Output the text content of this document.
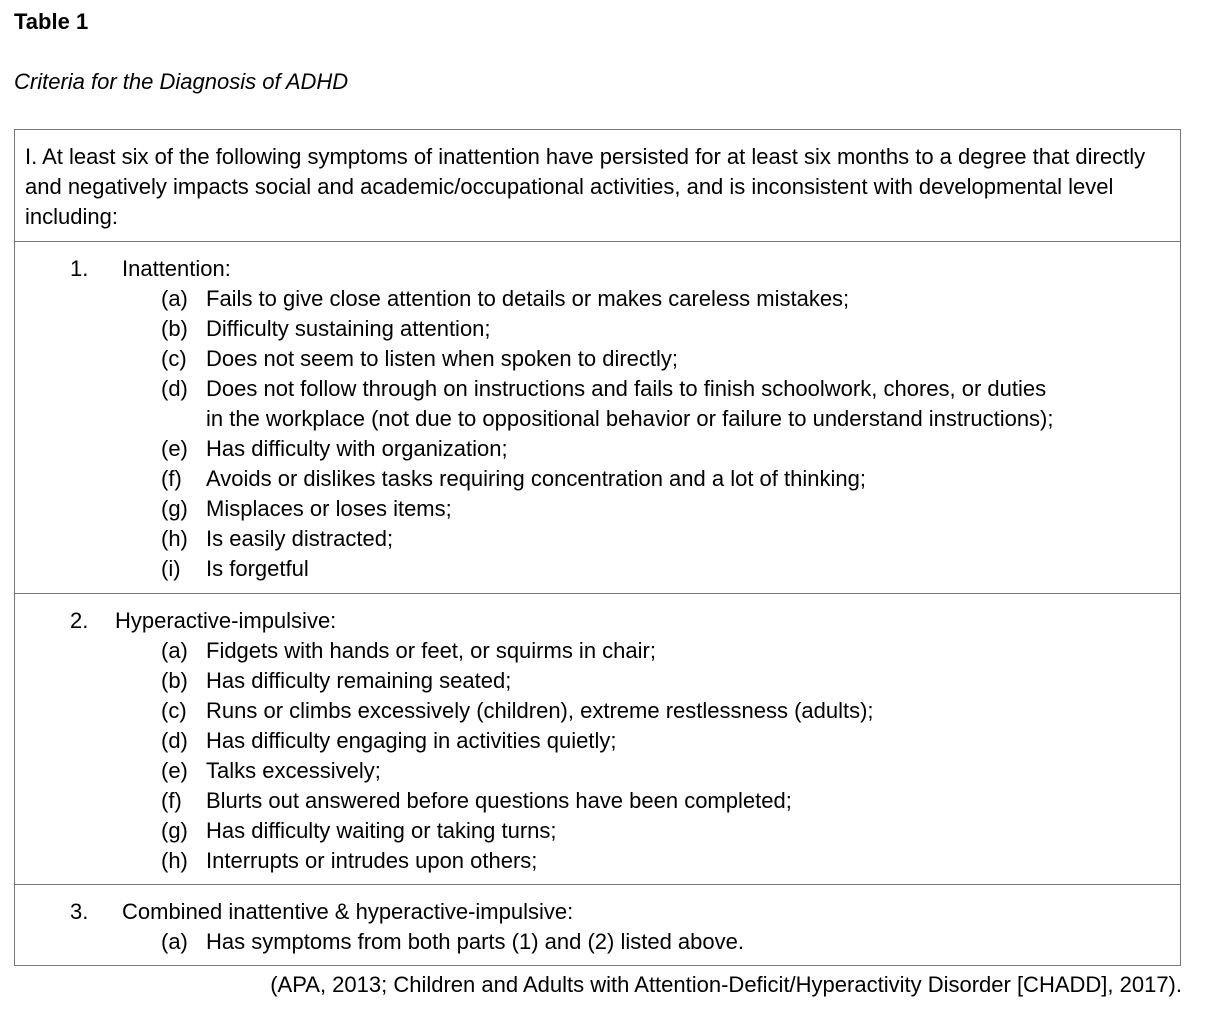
Table 1
Criteria for the Diagnosis of ADHD
I. At least six of the following symptoms of inattention have persisted for at least six months to a degree that directly and negatively impacts social and academic/occupational activities, and is inconsistent with developmental level including:
1. Inattention:
(a) Fails to give close attention to details or makes careless mistakes;
(b) Difficulty sustaining attention;
(c) Does not seem to listen when spoken to directly;
(d) Does not follow through on instructions and fails to finish schoolwork, chores, or duties
in the workplace (not due to oppositional behavior or failure to understand instructions);
(e) Has difficulty with organization;
(f) Avoids or dislikes tasks requiring concentration and a lot of thinking;
(g) Misplaces or loses items;
(h) Is easily distracted;
(i) Is forgetful
2. Hyperactive-impulsive:
(a) Fidgets with hands or feet, or squirms in chair;
(b) Has difficulty remaining seated;
(c) Runs or climbs excessively (children), extreme restlessness (adults);
(d) Has difficulty engaging in activities quietly;
(e) Talks excessively;
(f) Blurts out answered before questions have been completed;
(g) Has difficulty waiting or taking turns;
(h) Interrupts or intrudes upon others;
3. Combined inattentive & hyperactive-impulsive:
(a) Has symptoms from both parts (1) and (2) listed above.
(APA, 2013; Children and Adults with Attention-Deficit/Hyperactivity Disorder [CHADD], 2017).
